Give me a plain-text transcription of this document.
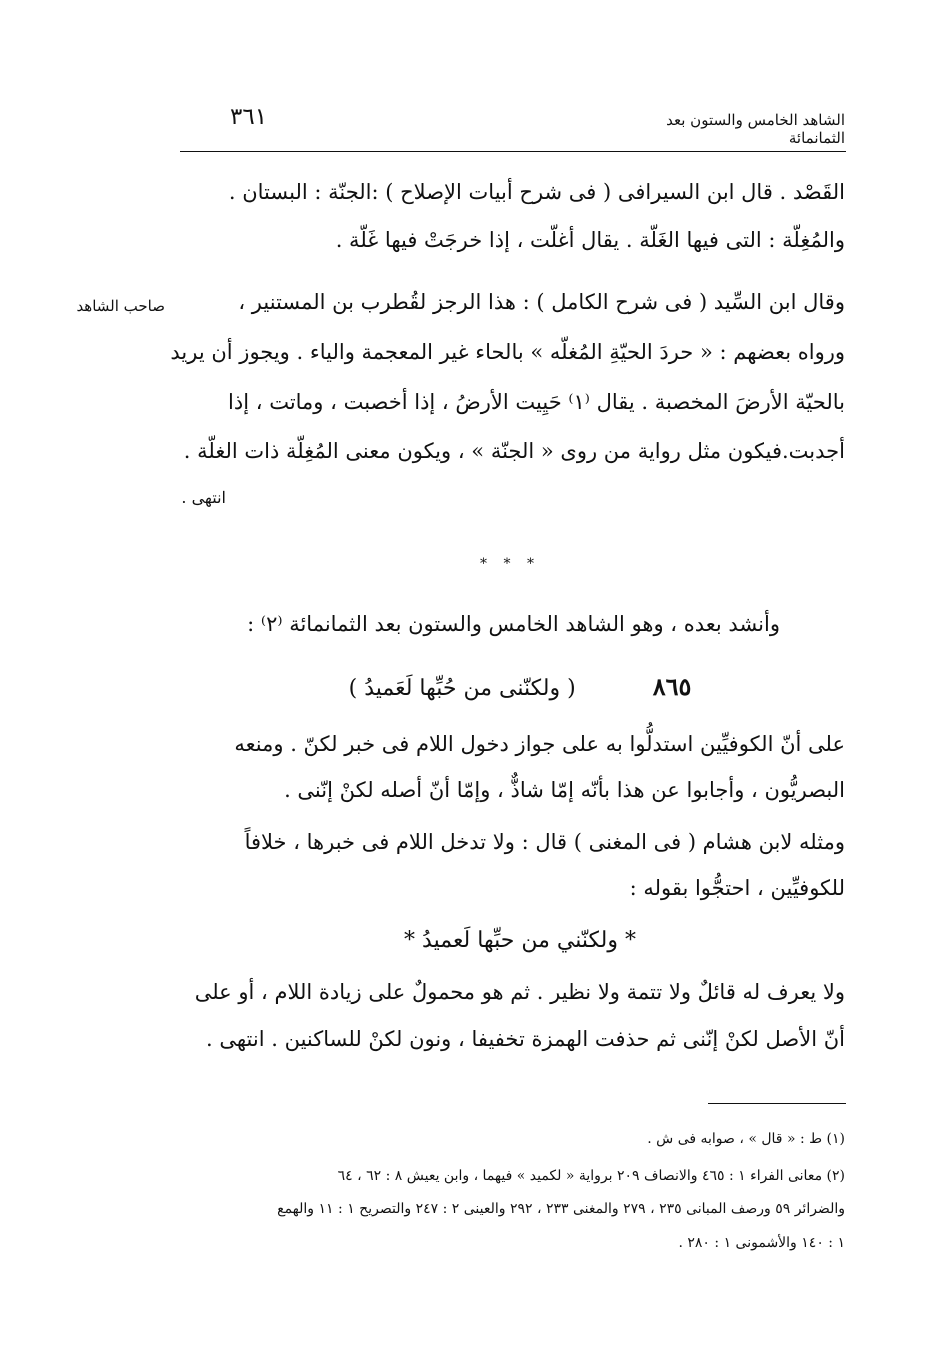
الشاهد الخامس والستون بعد الثمانمائة
٣٦١
القَصْد . قال ابن السيرافى ( فى شرح أبيات الإصلاح ) :الجنّة : البستان .
والمُغِلّة : التى فيها الغَلّة . يقال أغلّت ، إذا خرجَتْ فيها غَلّة .
وقال ابن السِّيد ( فى شرح الكامل ) : هذا الرجز لقُطرب بن المستنير ،
صاحب الشاهد
ورواه بعضهم : « حردَ الحيّةِ المُغلّه » بالحاء غير المعجمة والياء . ويجوز أن يريد
بالحيّة الأرضَ المخصبة . يقال ⁽١⁾ حَيِيت الأرضُ ، إذا أخصبت ، وماتت ، إذا
أجدبت.فيكون مثل رواية من روى « الجنّة » ، ويكون معنى المُغِلّة ذات الغلّة .
انتهى .
* * *
وأنشد بعده ، وهو الشاهد الخامس والستون بعد الثمانمائة ⁽٢⁾ :
٨٦٥ ( ولكنّنى من حُبِّها لَعَميدُ )
على أنّ الكوفيِّين استدلُّوا به على جواز دخول اللام فى خبر لكنّ . ومنعه
البصريُّون ، وأجابوا عن هذا بأنّه إمّا شاذٌّ ، وإمّا أنّ أصله لكنْ إنّنى .
ومثله لابن هشام ( فى المغنى ) قال : ولا تدخل اللام فى خبرها ، خلافاً
للكوفيِّين ، احتجُّوا بقوله :
* ولكنّني من حبِّها لَعميدُ *
ولا يعرف له قائلٌ ولا تتمة ولا نظير . ثم هو محمولٌ على زيادة اللام ، أو على
أنّ الأصل لكنْ إنّنى ثم حذفت الهمزة تخفيفا ، ونون لكنْ للساكنين . انتهى .
(١) ط : « قال » ، صوابه فى ش .
(٢) معانى الفراء ١ : ٤٦٥ والانصاف ٢٠٩ برواية « لكميد » فيهما ، وابن يعيش ٨ : ٦٢ ، ٦٤
والضرائر ٥٩ ورصف المبانى ٢٣٥ ، ٢٧٩ والمغنى ٢٣٣ ، ٢٩٢ والعينى ٢ : ٢٤٧ والتصريح ١ : ١١ والهمع
١ : ١٤٠ والأشمونى ١ : ٢٨٠ .
